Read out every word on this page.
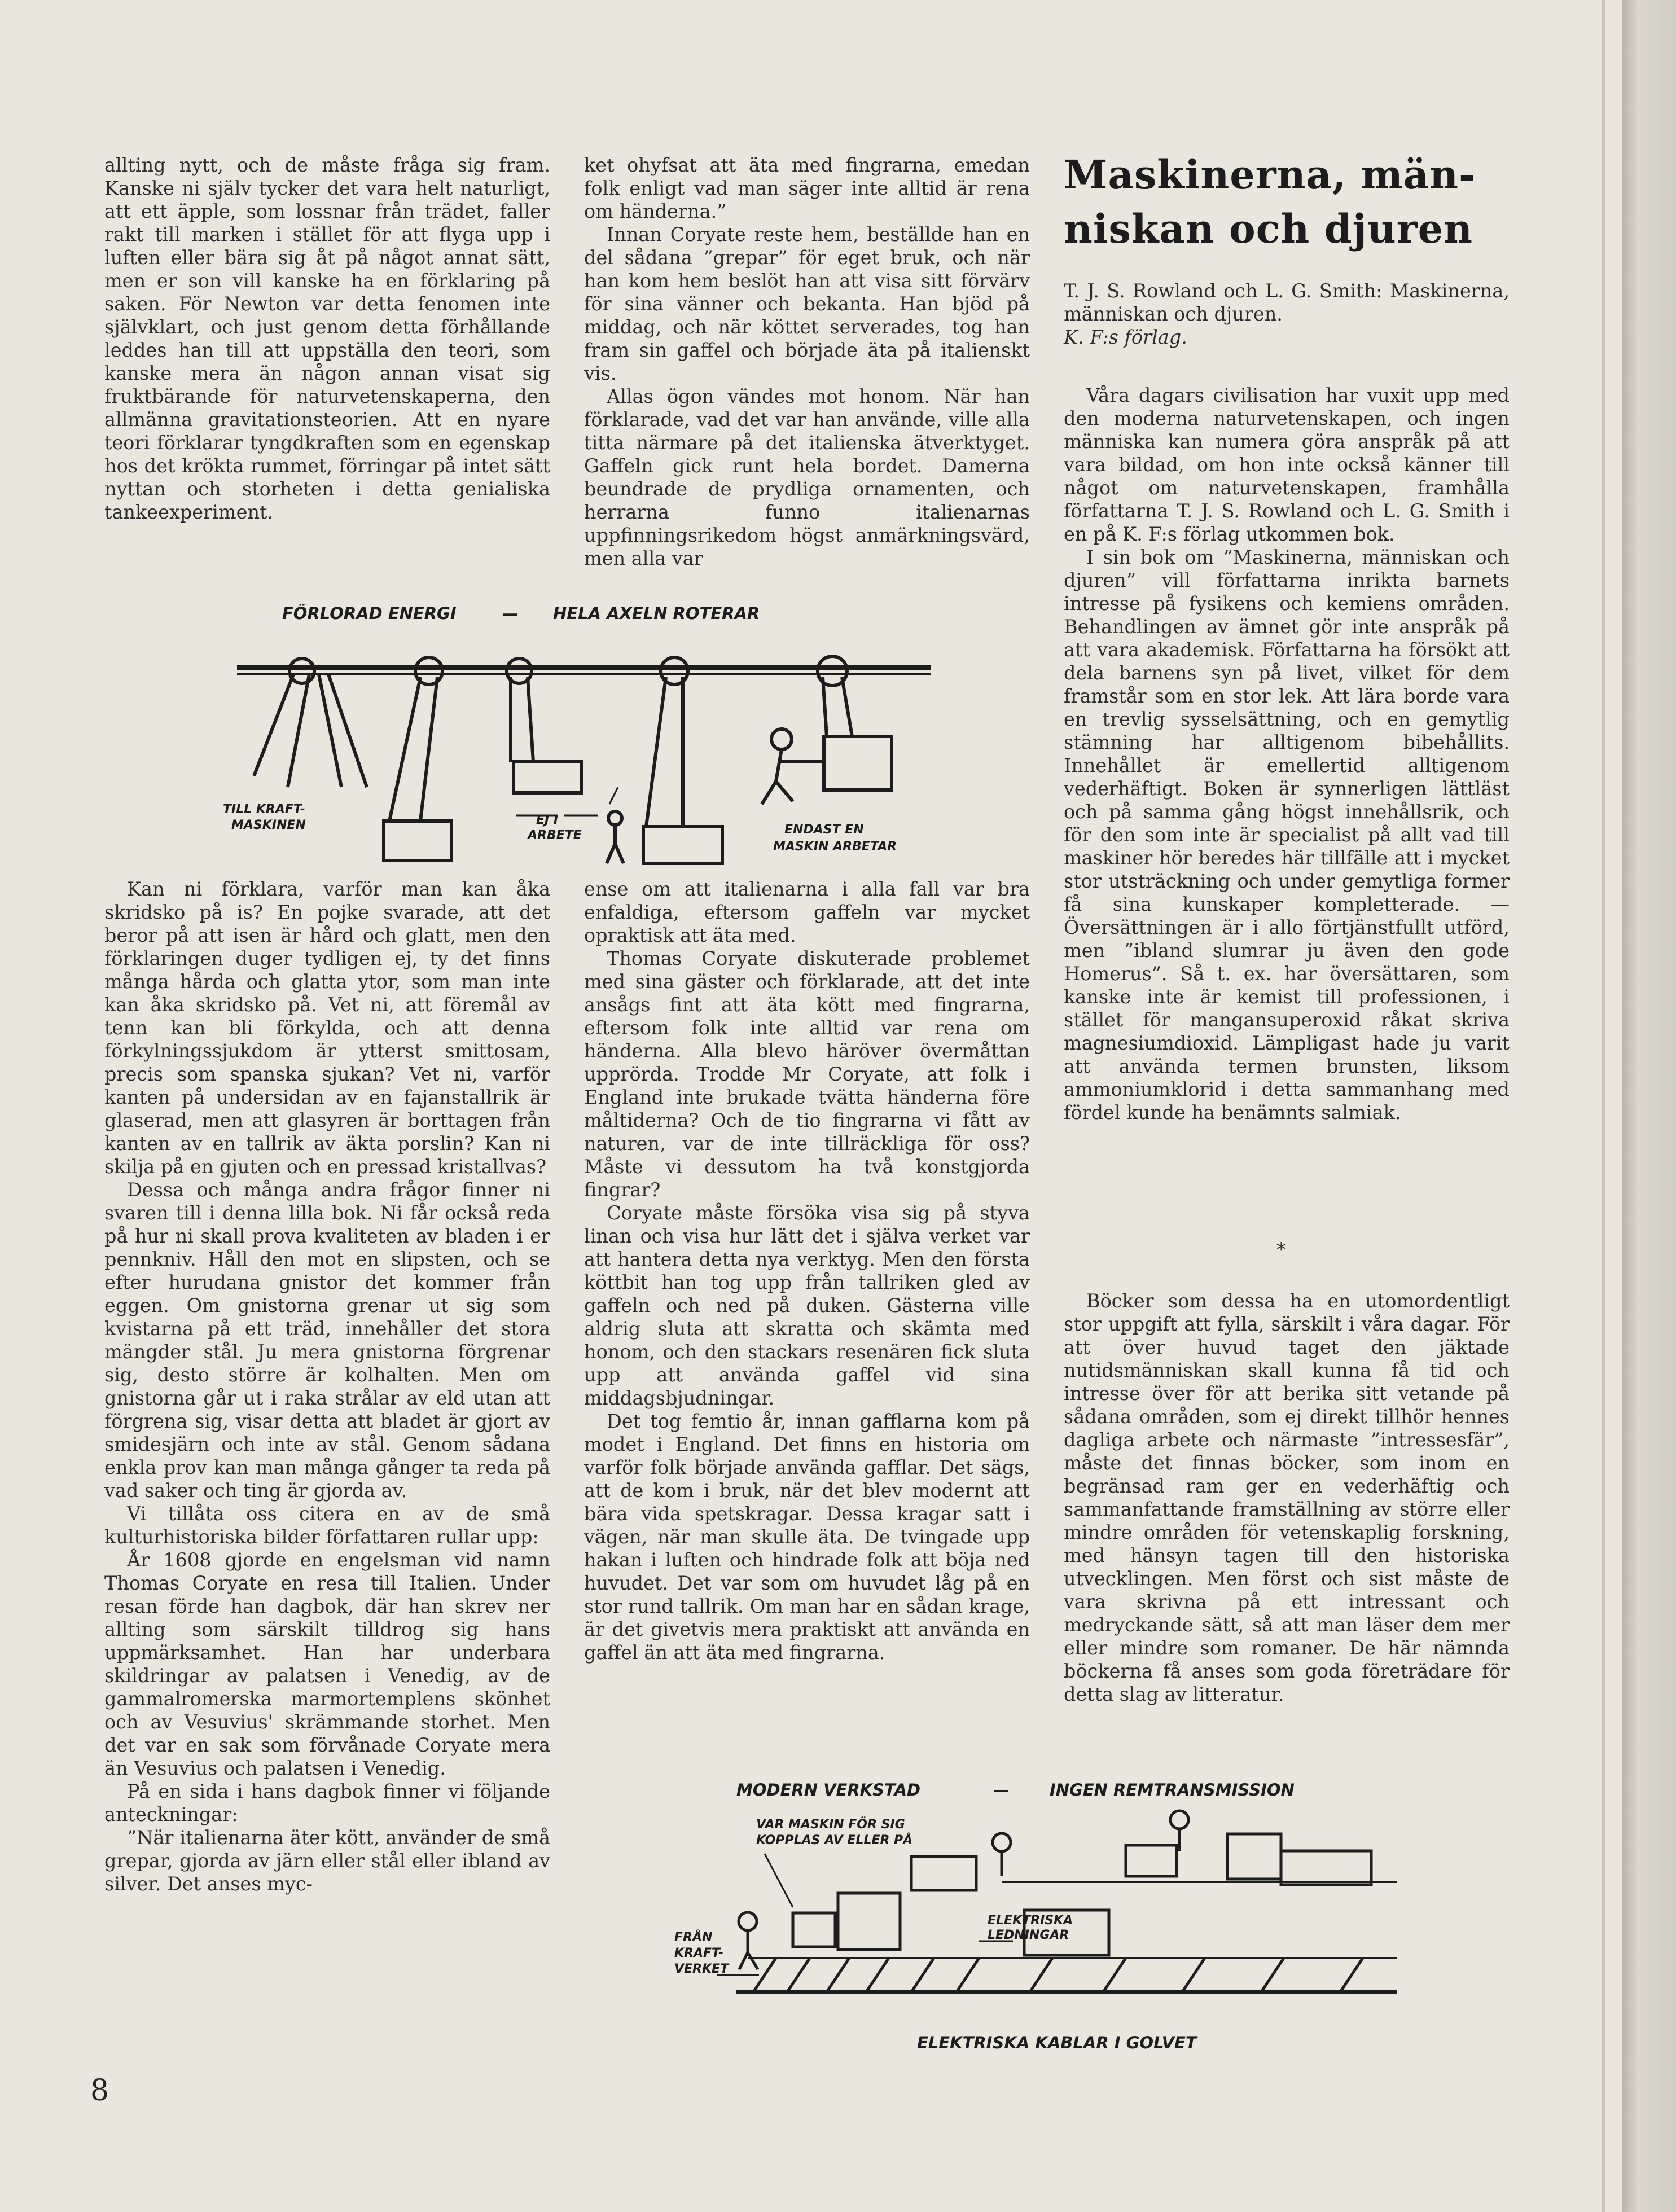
allting nytt, och de måste fråga sig fram. Kanske ni själv tycker det vara helt naturligt, att ett äpple, som lossnar från trädet, faller rakt till marken i stället för att flyga upp i luften eller bära sig åt på något annat sätt, men er son vill kanske ha en förklaring på saken. För Newton var detta fenomen inte självklart, och just genom detta förhållande leddes han till att uppställa den teori, som kanske mera än någon annan visat sig fruktbärande för naturvetenskaperna, den allmänna gravitationsteorien. Att en nyare teori förklarar tyngdkraften som en egenskap hos det krökta rummet, förringar på intet sätt nyttan och storheten i detta genialiska tankeexperiment.

ket ohyfsat att äta med fingrarna, emedan folk enligt vad man säger inte alltid är rena om händerna.”

Innan Coryate reste hem, beställde han en del sådana ”grepar” för eget bruk, och när han kom hem beslöt han att visa sitt förvärv för sina vänner och bekanta. Han bjöd på middag, och när köttet serverades, tog han fram sin gaffel och började äta på italienskt vis.

Allas ögon vändes mot honom. När han förklarade, vad det var han använde, ville alla titta närmare på det italienska ätverktyget. Gaffeln gick runt hela bordet. Damerna beundrade de prydliga ornamenten, och herrarna funno italienarnas uppfinningsrikedom högst anmärkningsvärd, men alla var

Maskinerna, män-
niskan och djuren
T. J. S. Rowland och L. G. Smith: Maskinerna, människan och djuren.
K. F:s förlag.

Våra dagars civilisation har vuxit upp med den moderna naturvetenskapen, och ingen människa kan numera göra anspråk på att vara bildad, om hon inte också känner till något om naturvetenskapen, framhålla författarna T. J. S. Rowland och L. G. Smith i en på K. F:s förlag utkommen bok.

I sin bok om ”Maskinerna, människan och djuren” vill författarna inrikta barnets intresse på fysikens och kemiens områden. Behandlingen av ämnet gör inte anspråk på att vara akademisk. Författarna ha försökt att dela barnens syn på livet, vilket för dem framstår som en stor lek. Att lära borde vara en trevlig sysselsättning, och en gemytlig stämning har alltigenom bibehållits. Innehållet är emellertid alltigenom vederhäftigt. Boken är synnerligen lättläst och på samma gång högst innehållsrik, och för den som inte är specialist på allt vad till maskiner hör beredes här tillfälle att i mycket stor utsträckning och under gemytliga former få sina kunskaper kompletterade. — Översättningen är i allo förtjänstfullt utförd, men ”ibland slumrar ju även den gode Homerus”. Så t. ex. har översättaren, som kanske inte är kemist till professionen, i stället för mangansuperoxid råkat skriva magnesiumdioxid. Lämpligast hade ju varit att använda termen brunsten, liksom ammoniumklorid i detta sammanhang med fördel kunde ha benämnts salmiak.

*

Böcker som dessa ha en utomordentligt stor uppgift att fylla, särskilt i våra dagar. För att över huvud taget den jäktade nutidsmänniskan skall kunna få tid och intresse över för att berika sitt vetande på sådana områden, som ej direkt tillhör hennes dagliga arbete och närmaste ”intressesfär”, måste det finnas böcker, som inom en begränsad ram ger en vederhäftig och sammanfattande framställning av större eller mindre områden för vetenskaplig forskning, med hänsyn tagen till den historiska utvecklingen. Men först och sist måste de vara skrivna på ett intressant och medryckande sätt, så att man läser dem mer eller mindre som romaner. De här nämnda böckerna få anses som goda företrädare för detta slag av litteratur.

Kan ni förklara, varför man kan åka skridsko på is? En pojke svarade, att det beror på att isen är hård och glatt, men den förklaringen duger tydligen ej, ty det finns många hårda och glatta ytor, som man inte kan åka skridsko på. Vet ni, att föremål av tenn kan bli förkylda, och att denna förkylningssjukdom är ytterst smittosam, precis som spanska sjukan? Vet ni, varför kanten på undersidan av en fajanstallrik är glaserad, men att glasyren är borttagen från kanten av en tallrik av äkta porslin? Kan ni skilja på en gjuten och en pressad kristallvas?

Dessa och många andra frågor finner ni svaren till i denna lilla bok. Ni får också reda på hur ni skall prova kvaliteten av bladen i er pennkniv. Håll den mot en slipsten, och se efter hurudana gnistor det kommer från eggen. Om gnistorna grenar ut sig som kvistarna på ett träd, innehåller det stora mängder stål. Ju mera gnistorna förgrenar sig, desto större är kolhalten. Men om gnistorna går ut i raka strålar av eld utan att förgrena sig, visar detta att bladet är gjort av smidesjärn och inte av stål. Genom sådana enkla prov kan man många gånger ta reda på vad saker och ting är gjorda av.

Vi tillåta oss citera en av de små kulturhistoriska bilder författaren rullar upp:

År 1608 gjorde en engelsman vid namn Thomas Coryate en resa till Italien. Under resan förde han dagbok, där han skrev ner allting som särskilt tilldrog sig hans uppmärksamhet. Han har underbara skildringar av palatsen i Venedig, av de gammalromerska marmortemplens skönhet och av Vesuvius' skrämmande storhet. Men det var en sak som förvånade Coryate mera än Vesuvius och palatsen i Venedig.

På en sida i hans dagbok finner vi följande anteckningar:

”När italienarna äter kött, använder de små grepar, gjorda av järn eller stål eller ibland av silver. Det anses myc-

ense om att italienarna i alla fall var bra enfaldiga, eftersom gaffeln var mycket opraktisk att äta med.

Thomas Coryate diskuterade problemet med sina gäster och förklarade, att det inte ansågs fint att äta kött med fingrarna, eftersom folk inte alltid var rena om händerna. Alla blevo häröver övermåttan upprörda. Trodde Mr Coryate, att folk i England inte brukade tvätta händerna före måltiderna? Och de tio fingrarna vi fått av naturen, var de inte tillräckliga för oss? Måste vi dessutom ha två konstgjorda fingrar?

Coryate måste försöka visa sig på styva linan och visa hur lätt det i själva verket var att hantera detta nya verktyg. Men den första köttbit han tog upp från tallriken gled av gaffeln och ned på duken. Gästerna ville aldrig sluta att skratta och skämta med honom, och den stackars resenären fick sluta upp att använda gaffel vid sina middagsbjudningar.

Det tog femtio år, innan gafflarna kom på modet i England. Det finns en historia om varför folk började använda gafflar. Det sägs, att de kom i bruk, när det blev modernt att bära vida spetskragar. Dessa kragar satt i vägen, när man skulle äta. De tvingade upp hakan i luften och hindrade folk att böja ned huvudet. Det var som om huvudet låg på en stor rund tallrik. Om man har en sådan krage, är det givetvis mera praktiskt att använda en gaffel än att äta med fingrarna.

FÖRLORAD ENERGI	— HELA AXELN ROTERAR
TILL KRAFT-
MASKINEN	EJ I
ARBETE	ENDAST EN
MASKIN ARBETAR
MODERN VERKSTAD	— INGEN REMTRANSMISSION
ELEKTRISKA KABLAR I GOLVET
VAR MASKIN FÖR SIG
KOPPLAS AV ELLER PÅ
ELEKTRISKA
LEDNINGAR
FRÅN
KRAFT-
VERKET
8
